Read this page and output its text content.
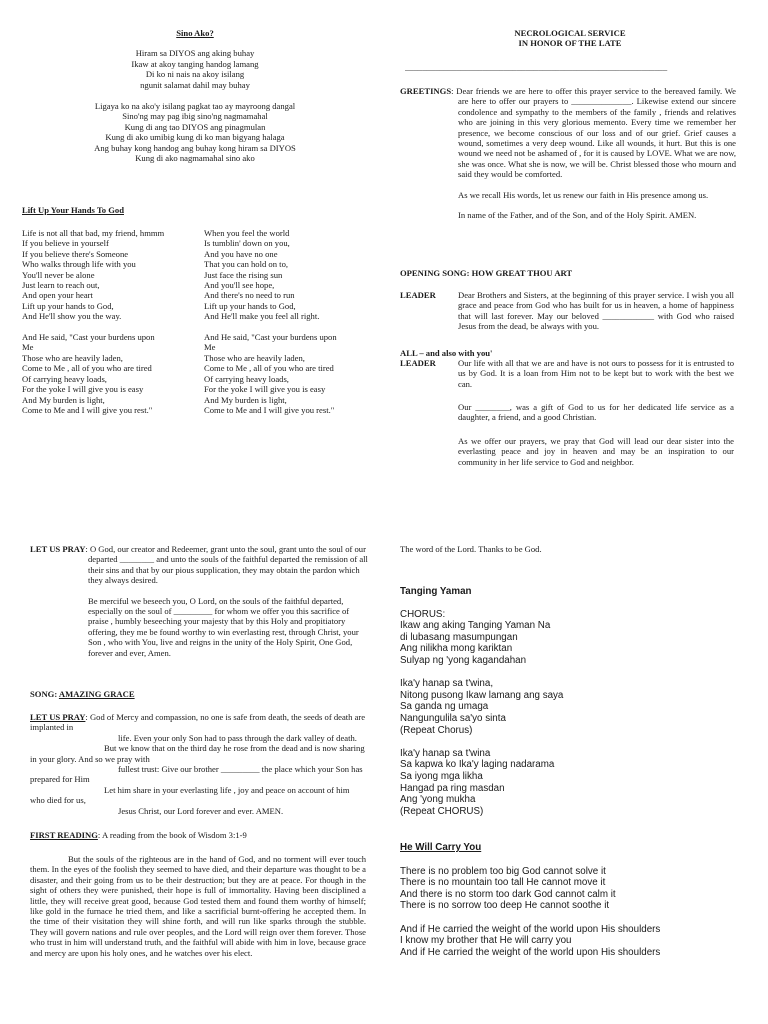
Sino Ako?
Hiram sa DIYOS ang aking buhay
Ikaw at akoy tanging handog lamang
Di ko ni nais na akoy isilang
ngunit salamat dahil may buhay
Ligaya ko na ako'y isilang pagkat tao ay mayroong dangal
Sino'ng may pag ibig sino'ng nagmamahal
Kung di ang tao DIYOS ang pinagmulan
Kung di ako umibig kung di ko man bigyang halaga
Ang buhay kong handog ang buhay kong hiram sa DIYOS
Kung di ako nagmamahal sino ako
Lift Up Your Hands To God
Life is not all that bad, my friend, hmmm
If you believe in yourself
If you believe there's Someone
Who walks through life with you
You'll never be alone
Just learn to reach out,
And open your heart
Lift up your hands to God,
And He'll show you the way.

And He said, "Cast your burdens upon
Me
Those who are heavily laden,
Come to Me , all of you who are tired
Of carrying heavy loads,
For the yoke I will give you is easy
And My burden is light,
Come to Me and I will give you rest."
When you feel the world
Is tumblin' down on you,
And you have no one
That you can hold on to,
Just face the rising sun
And you'll see hope,
And there's no need to run
Lift up your hands to God,
And He'll make you feel all right.

And He said, "Cast your burdens upon
Me
Those who are heavily laden,
Come to Me , all of you who are tired
Of carrying heavy loads,
For the yoke I will give you is easy
And My burden is light,
Come to Me and I will give you rest."
NECROLOGICAL SERVICE
IN HONOR OF THE LATE
_____________________________________________________________

GREETINGS: Dear friends we are here to offer this prayer service to the bereaved family. We are here to offer our prayers to ______________. Likewise extend our sincere condolence and sympathy to the members of the family , friends and relatives who are joining in this very glorious memento. Every time we remember her presence, we become conscious of our loss and of our grief. Grief causes a wound, sometimes a very deep wound. Like all wounds, it hurt. But this is one wound we need not be ashamed of , for it is caused by LOVE. What we are now, she was once. What she is now, we will be. Christ blessed those who mourn and said they would be comforted.

As we recall His words, let us renew our faith in His presence among us.

In name of the Father, and of the Son, and of the Holy Spirit. AMEN.

OPENING SONG: HOW GREAT THOU ART
LEADER	Dear Brothers and Sisters, at the beginning of this prayer service. I wish you all grace and peace from God who has built for us in heaven, a home of happiness that will last forever. May our beloved ____________ with God who raised Jesus from the dead, be always with you.
ALL – and also with you'
LEADER	Our life with all that we are and have is not ours to possess for it is entrusted to us by God. It is a loan from Him not to be kept but to work with the best we can.
Our ________, was a gift of God to us for her dedicated life service as a daughter, a friend, and a good Christian.
As we offer our prayers, we pray that God will lead our dear sister into the everlasting peace and joy in heaven and may be an inspiration to our community in her life service to God and neighbor.

LET US PRAY: O God, our creator and Redeemer, grant unto the soul, grant unto the soul of our departed ________ and unto the souls of the faithful departed the remission of all their sins and that by our pious supplication, they may obtain the pardon which they always desired.

Be merciful we beseech you, O Lord, on the souls of the faithful departed, especially on the soul of _________ for whom we offer you this sacrifice of praise , humbly beseeching your majesty that by this Holy and propitiatory offering, they me be found worthy to win everlasting rest, through Christ, your Son , who with You, live and reigns in the unity of the Holy Spirit, One God, forever and ever, Amen.

SONG: AMAZING GRACE

LET US PRAY: God of Mercy and compassion, no one is safe from death, the seeds of death are implanted in

life. Even your only Son had to pass through the dark valley of death.

But we know that on the third day he rose from the dead and is now sharing in your glory. And so we pray with

fullest trust: Give our brother _________ the place which your Son has prepared for Him

Let him share in your everlasting life , joy and peace on account of him who died for us,

Jesus Christ, our Lord forever and ever. AMEN.

FIRST READING: A reading from the book of Wisdom 3:1-9
But the souls of the righteous are in the hand of God, and no torment will ever touch them. In the eyes of the foolish they seemed to have died, and their departure was thought to be a disaster, and their going from us to be their destruction; but they are at peace. For though in the sight of others they were punished, their hope is full of immortality. Having been disciplined a little, they will receive great good, because God tested them and found them worthy of himself; like gold in the furnace he tried them, and like a sacrificial burnt-offering he accepted them. In the time of their visitation they will shine forth, and will run like sparks through the stubble. They will govern nations and rule over peoples, and the Lord will reign over them forever. Those who trust in him will understand truth, and the faithful will abide with him in love, because grace and mercy are upon his holy ones, and he watches over his elect.
The word of the Lord. Thanks to be God.
Tanging Yaman
CHORUS:
Ikaw ang aking Tanging Yaman Na
di lubasang masumpungan
Ang nilikha mong kariktan
Sulyap ng 'yong kagandahan

Ika'y hanap sa t'wina,
Nitong pusong Ikaw lamang ang saya
Sa ganda ng umaga
Nangungulila sa'yo sinta
(Repeat Chorus)

Ika'y hanap sa t'wina
Sa kapwa ko Ika'y laging nadarama
Sa iyong mga likha
Hangad pa ring masdan
Ang 'yong mukha
(Repeat CHORUS)
He Will Carry You
There is no problem too big God cannot solve it
There is no mountain too tall He cannot move it
And there is no storm too dark God cannot calm it
There is no sorrow too deep He cannot soothe it

And if He carried the weight of the world upon His shoulders
I know my brother that He will carry you
And if He carried the weight of the world upon His shoulders
